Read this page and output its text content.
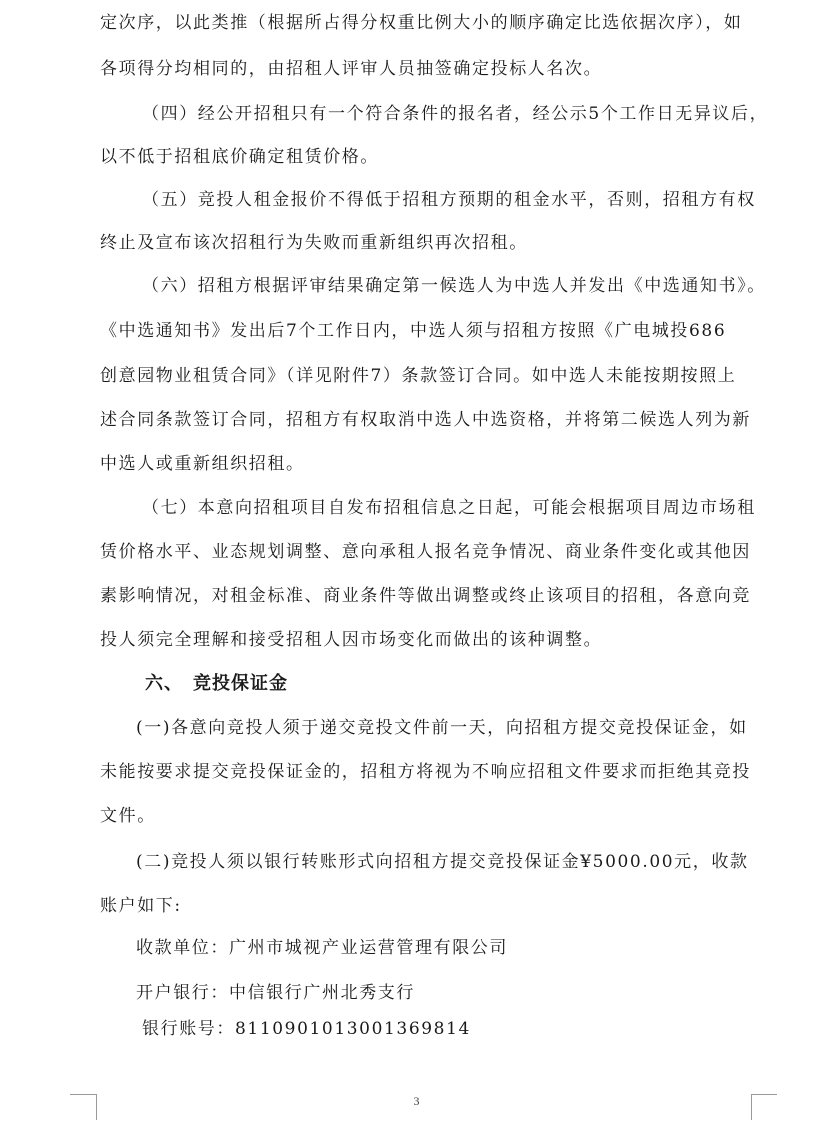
定次序，以此类推（根据所占得分权重比例大小的顺序确定比选依据次序），如
各项得分均相同的，由招租人评审人员抽签确定投标人名次。
（四）经公开招租只有一个符合条件的报名者，经公示5个工作日无异议后，
以不低于招租底价确定租赁价格。
（五）竞投人租金报价不得低于招租方预期的租金水平，否则，招租方有权
终止及宣布该次招租行为失败而重新组织再次招租。
（六）招租方根据评审结果确定第一候选人为中选人并发出《中选通知书》。
《中选通知书》发出后7个工作日内，中选人须与招租方按照《广电城投686
创意园物业租赁合同》（详见附件7）条款签订合同。如中选人未能按期按照上
述合同条款签订合同，招租方有权取消中选人中选资格，并将第二候选人列为新
中选人或重新组织招租。
（七）本意向招租项目自发布招租信息之日起，可能会根据项目周边市场租
赁价格水平、业态规划调整、意向承租人报名竞争情况、商业条件变化或其他因
素影响情况，对租金标准、商业条件等做出调整或终止该项目的招租，各意向竞
投人须完全理解和接受招租人因市场变化而做出的该种调整。
六、　竞投保证金
(一)各意向竞投人须于递交竞投文件前一天，向招租方提交竞投保证金，如
未能按要求提交竞投保证金的，招租方将视为不响应招租文件要求而拒绝其竞投
文件。
(二)竞投人须以银行转账形式向招租方提交竞投保证金¥5000.00元，收款
账户如下:
收款单位：广州市城视产业运营管理有限公司
开户银行：中信银行广州北秀支行
银行账号：8110901013001369814
3
